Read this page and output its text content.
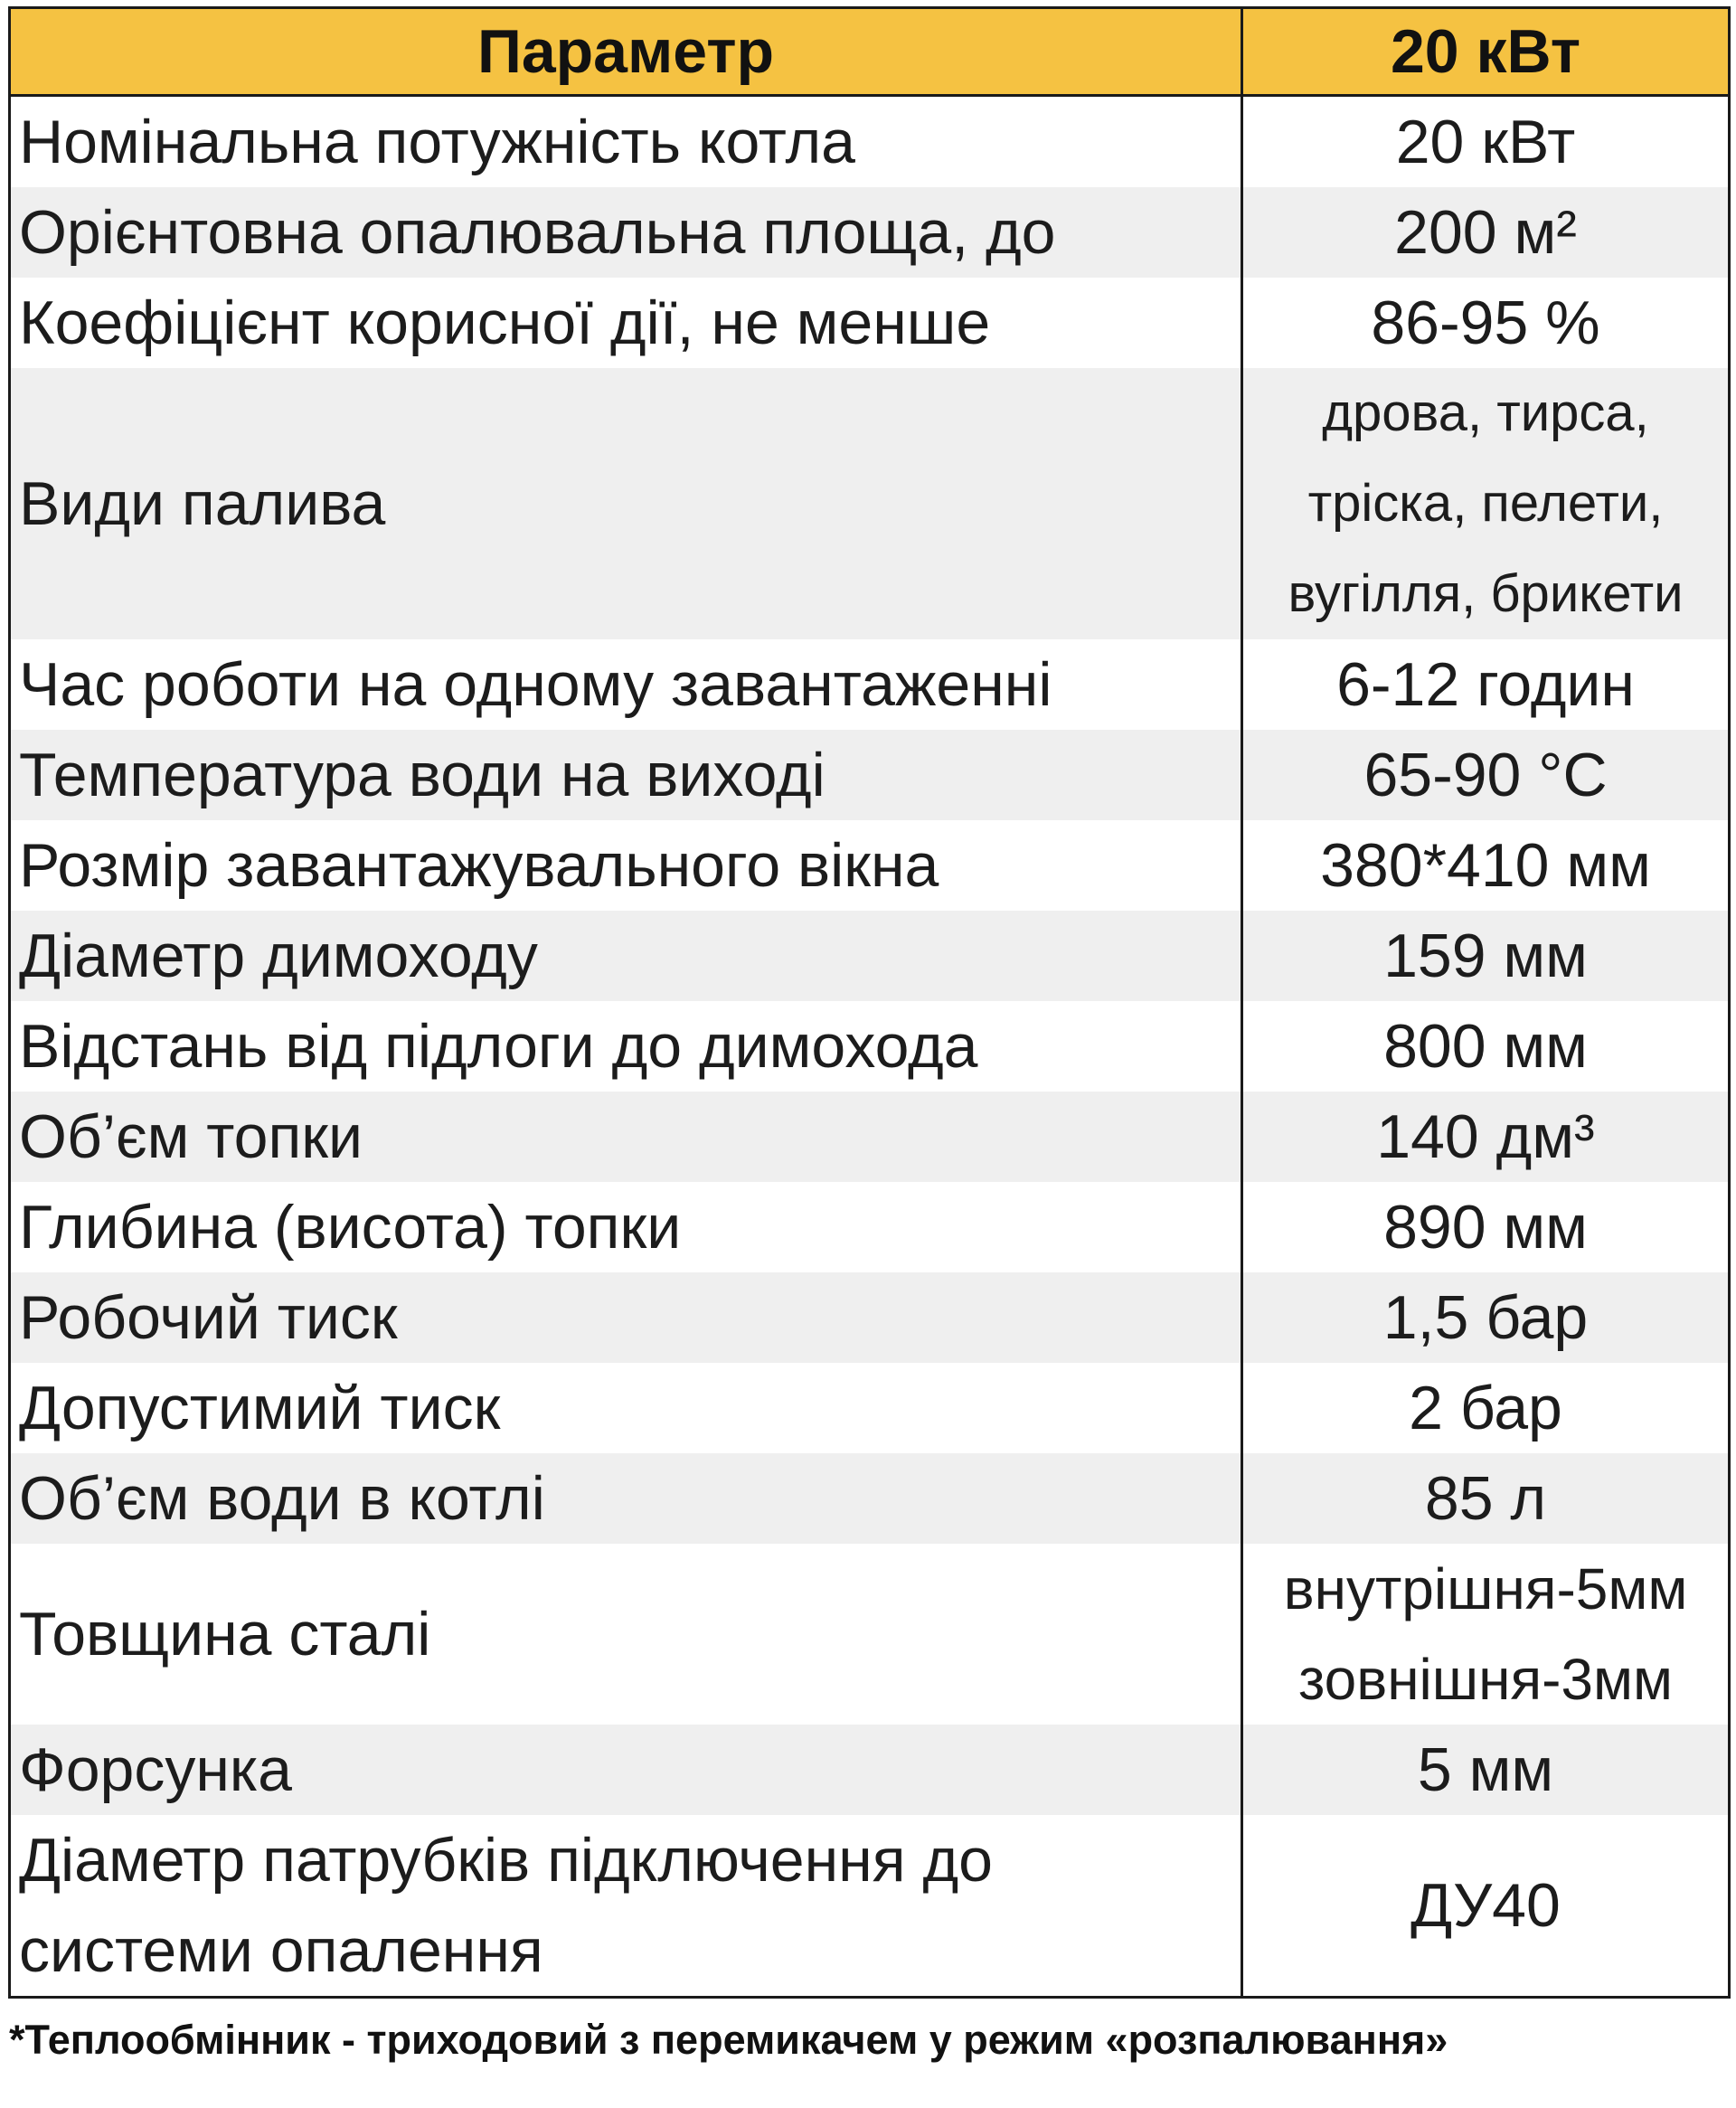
Параметр	20 кВт
Номінальна потужність котла	20 кВт
Орієнтовна опалювальна площа, до	200 м²
Коефіцієнт корисної дії, не менше	86-95 %
Види палива	дрова, тирса,
тріска, пелети,
вугілля, брикети

Час роботи на одному завантаженні	6-12 годин
Температура води на виході	65-90 °C
Розмір завантажувального вікна	380*410 мм
Діаметр димоходу	159 мм
Відстань від підлоги до димохода	800 мм
Об’єм топки	140 дм³
Глибина (висота) топки	890 мм
Робочий тиск	1,5 бар
Допустимий тиск	2 бар
Об’єм води в котлі	85 л
Товщина сталі	внутрішня-5мм
зовнішня-3мм

Форсунка	5 мм

Діаметр патрубків підключення до
системи опалення	ДУ40
*Теплообмінник - триходовий з перемикачем у режим «розпалювання»
